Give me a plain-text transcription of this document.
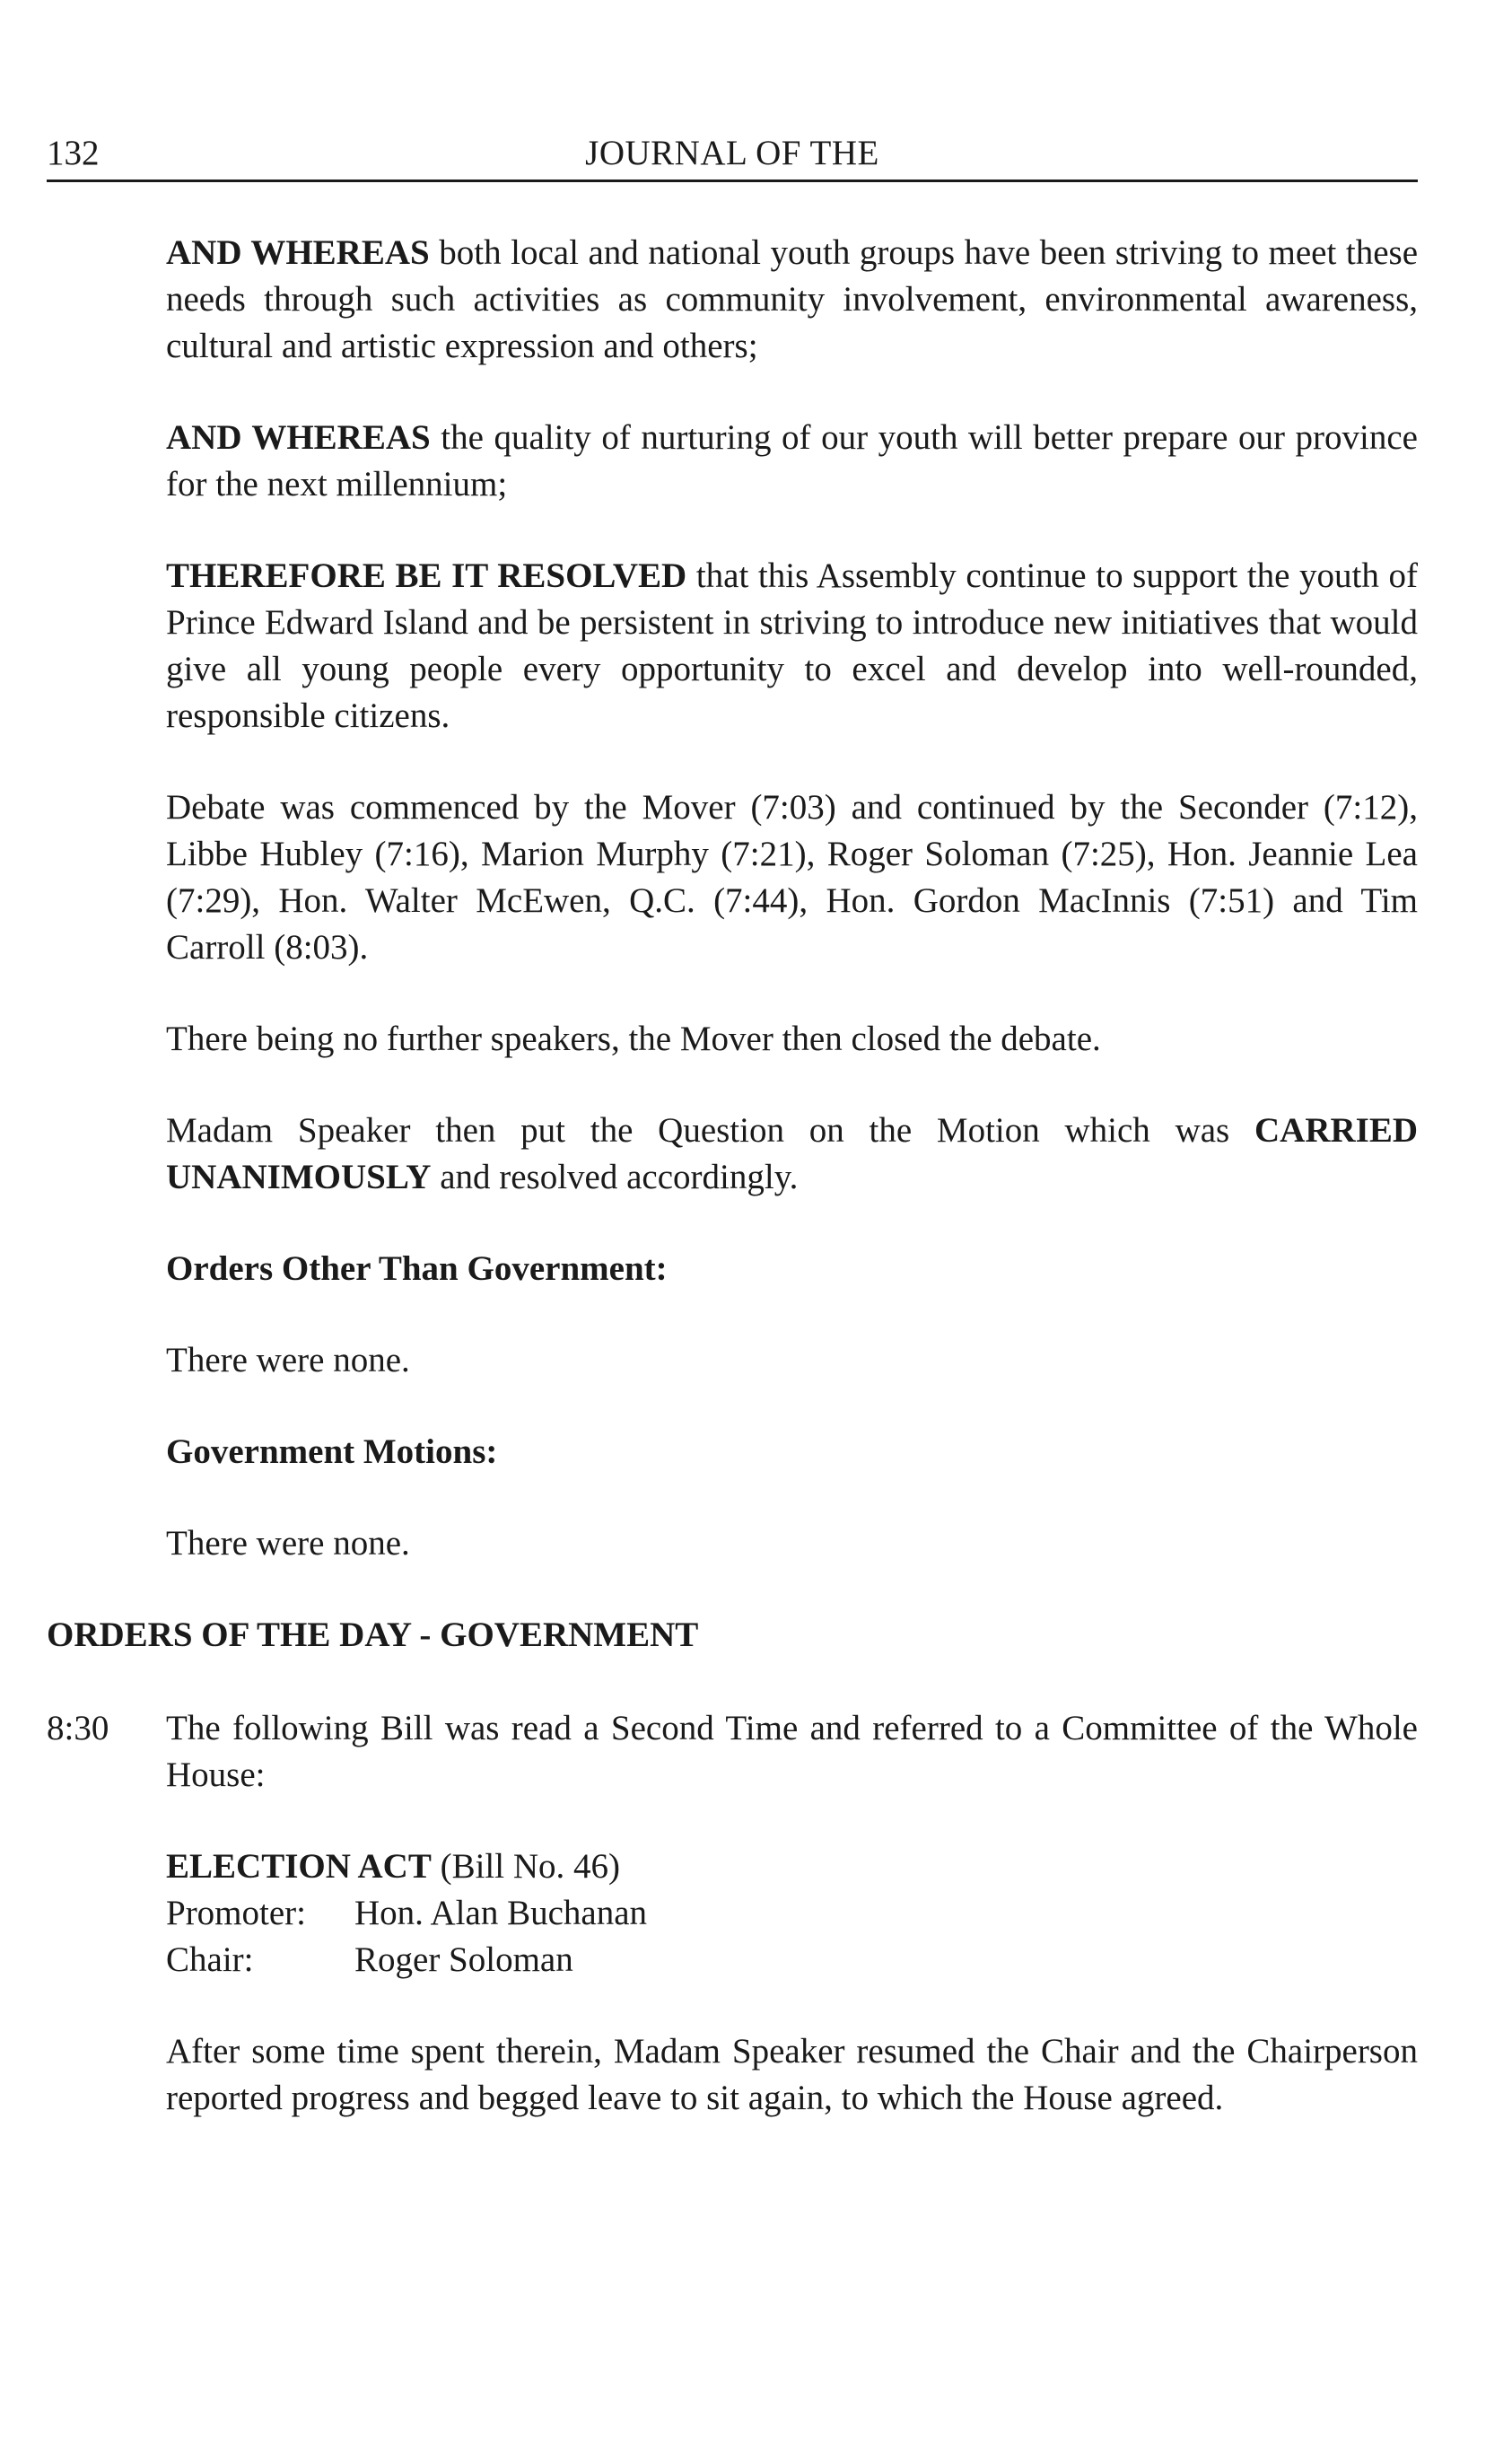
132	JOURNAL OF THE

AND WHEREAS both local and national youth groups have been striving to meet these needs through such activities as community involvement, environmental awareness, cultural and artistic expression and others;

AND WHEREAS the quality of nurturing of our youth will better prepare our province for the next millennium;

THEREFORE BE IT RESOLVED that this Assembly continue to support the youth of Prince Edward Island and be persistent in striving to introduce new initiatives that would give all young people every opportunity to excel and develop into well-rounded, responsible citizens.

Debate was commenced by the Mover (7:03) and continued by the Seconder (7:12), Libbe Hubley (7:16), Marion Murphy (7:21), Roger Soloman (7:25), Hon. Jeannie Lea (7:29), Hon. Walter McEwen, Q.C. (7:44), Hon. Gordon MacInnis (7:51) and Tim Carroll (8:03).

There being no further speakers, the Mover then closed the debate.

Madam Speaker then put the Question on the Motion which was CARRIED UNANIMOUSLY and resolved accordingly.

Orders Other Than Government:
There were none.
Government Motions:
There were none.
ORDERS OF THE DAY - GOVERNMENT
8:30 The following Bill was read a Second Time and referred to a Committee of the Whole House:

ELECTION ACT (Bill No. 46)
Promoter:	Hon. Alan Buchanan
Chair:	Roger Soloman

After some time spent therein, Madam Speaker resumed the Chair and the Chairperson reported progress and begged leave to sit again, to which the House agreed.
